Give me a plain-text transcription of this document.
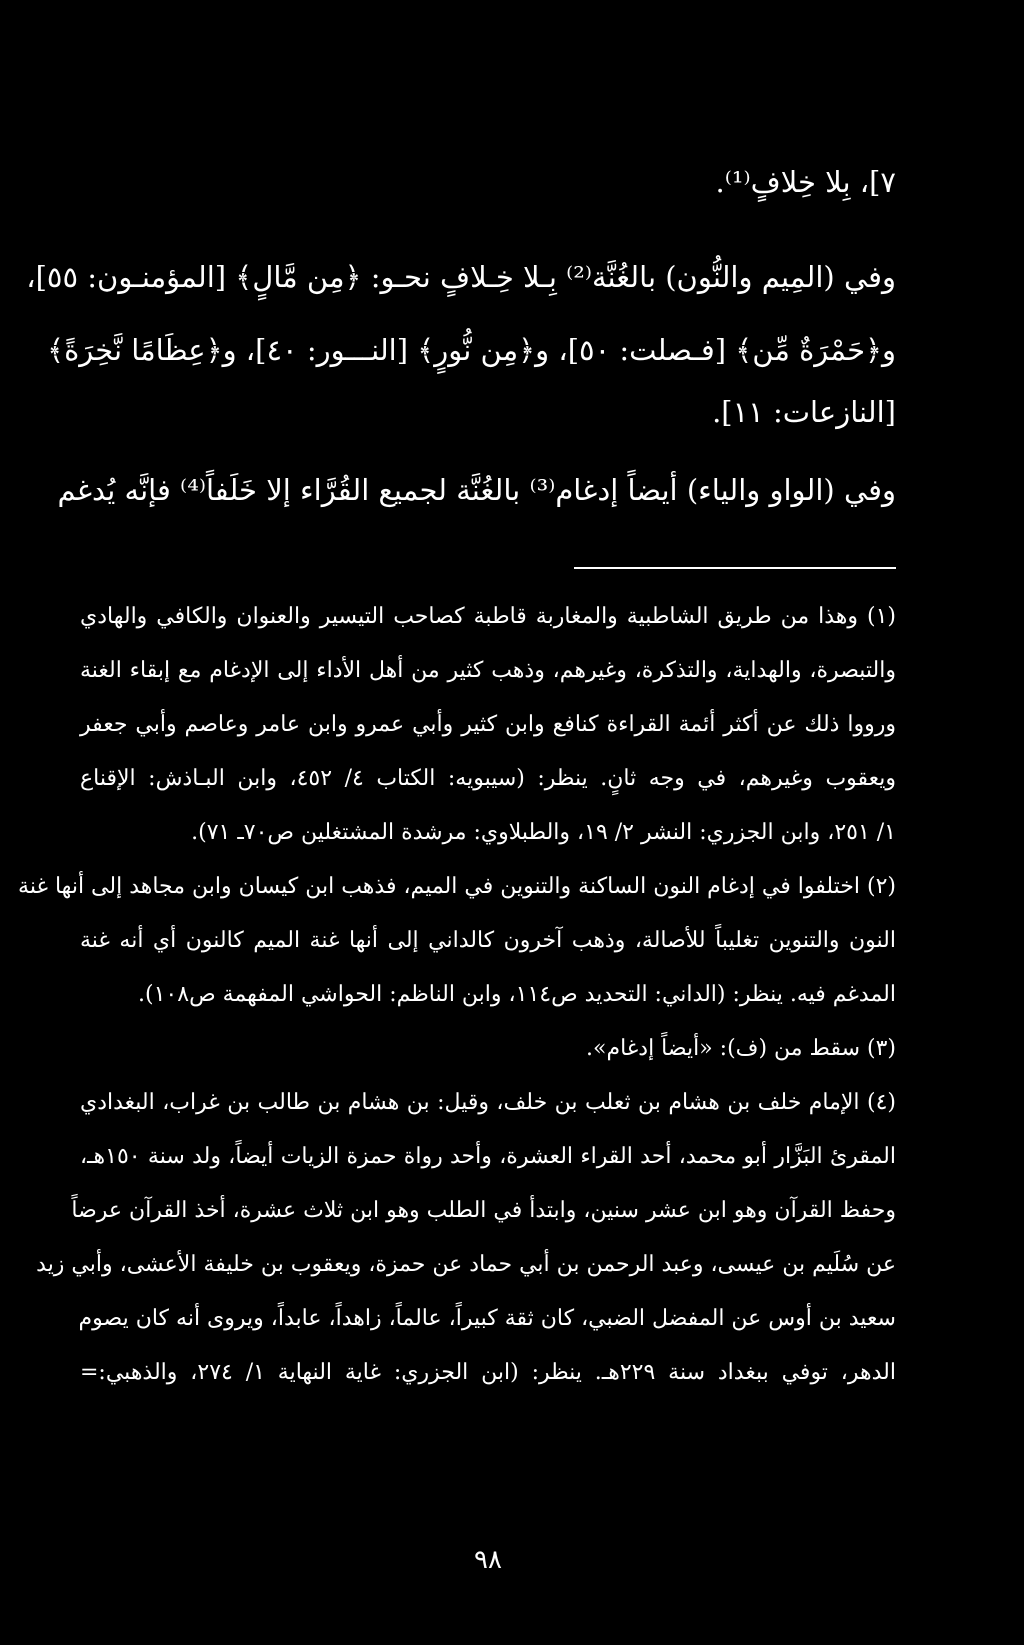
٧]، بِلا خِلافٍ⁽¹⁾.
وفي (المِيم والنُّون) بالغُنَّة⁽²⁾ بِـلا خِـلافٍ نحـو: ﴿مِن مَّالٍ﴾ [المؤمنـون: ٥٥]،
و﴿حَمْرَةٌ مِّن﴾ [فـصلت: ٥٠]، و﴿مِن نُّورٍ﴾ [النـــور: ٤٠]، و﴿عِظَامًا نَّخِرَةً﴾
[النازعات: ١١].
وفي (الواو والياء) أيضاً إدغام⁽³⁾ بالغُنَّة لجميع القُرَّاء إلا خَلَفاً⁽⁴⁾ فإنَّه يُدغم
(١) وهذا من طريق الشاطبية والمغاربة قاطبة كصاحب التيسير والعنوان والكافي والهادي
والتبصرة، والهداية، والتذكرة، وغيرهم، وذهب كثير من أهل الأداء إلى الإدغام مع إبقاء الغنة
ورووا ذلك عن أكثر أئمة القراءة كنافع وابن كثير وأبي عمرو وابن عامر وعاصم وأبي جعفر
ويعقوب وغيرهم، في وجه ثانٍ. ينظر: (سيبويه: الكتاب ٤/ ٤٥٢، وابن البـاذش: الإقناع
١/ ٢٥١، وابن الجزري: النشر ٢/ ١٩، والطبلاوي: مرشدة المشتغلين ص٧٠ـ ٧١).
(٢) اختلفوا في إدغام النون الساكنة والتنوين في الميم، فذهب ابن كيسان وابن مجاهد إلى أنها غنة
النون والتنوين تغليباً للأصالة، وذهب آخرون كالداني إلى أنها غنة الميم كالنون أي أنه غنة
المدغم فيه. ينظر: (الداني: التحديد ص١١٤، وابن الناظم: الحواشي المفهمة ص١٠٨).
(٣) سقط من (ف): «أيضاً إدغام».
(٤) الإمام خلف بن هشام بن ثعلب بن خلف، وقيل: بن هشام بن طالب بن غراب، البغدادي
المقرئ البَزَّار أبو محمد، أحد القراء العشرة، وأحد رواة حمزة الزيات أيضاً، ولد سنة ١٥٠هـ،
وحفظ القرآن وهو ابن عشر سنين، وابتدأ في الطلب وهو ابن ثلاث عشرة، أخذ القرآن عرضاً
عن سُلَيم بن عيسى، وعبد الرحمن بن أبي حماد عن حمزة، ويعقوب بن خليفة الأعشى، وأبي زيد
سعيد بن أوس عن المفضل الضبي، كان ثقة كبيراً، عالماً، زاهداً، عابداً، ويروى أنه كان يصوم
الدهر، توفي ببغداد سنة ٢٢٩هـ. ينظر: (ابن الجزري: غاية النهاية ١/ ٢٧٤، والذهبي:=
٩٨
